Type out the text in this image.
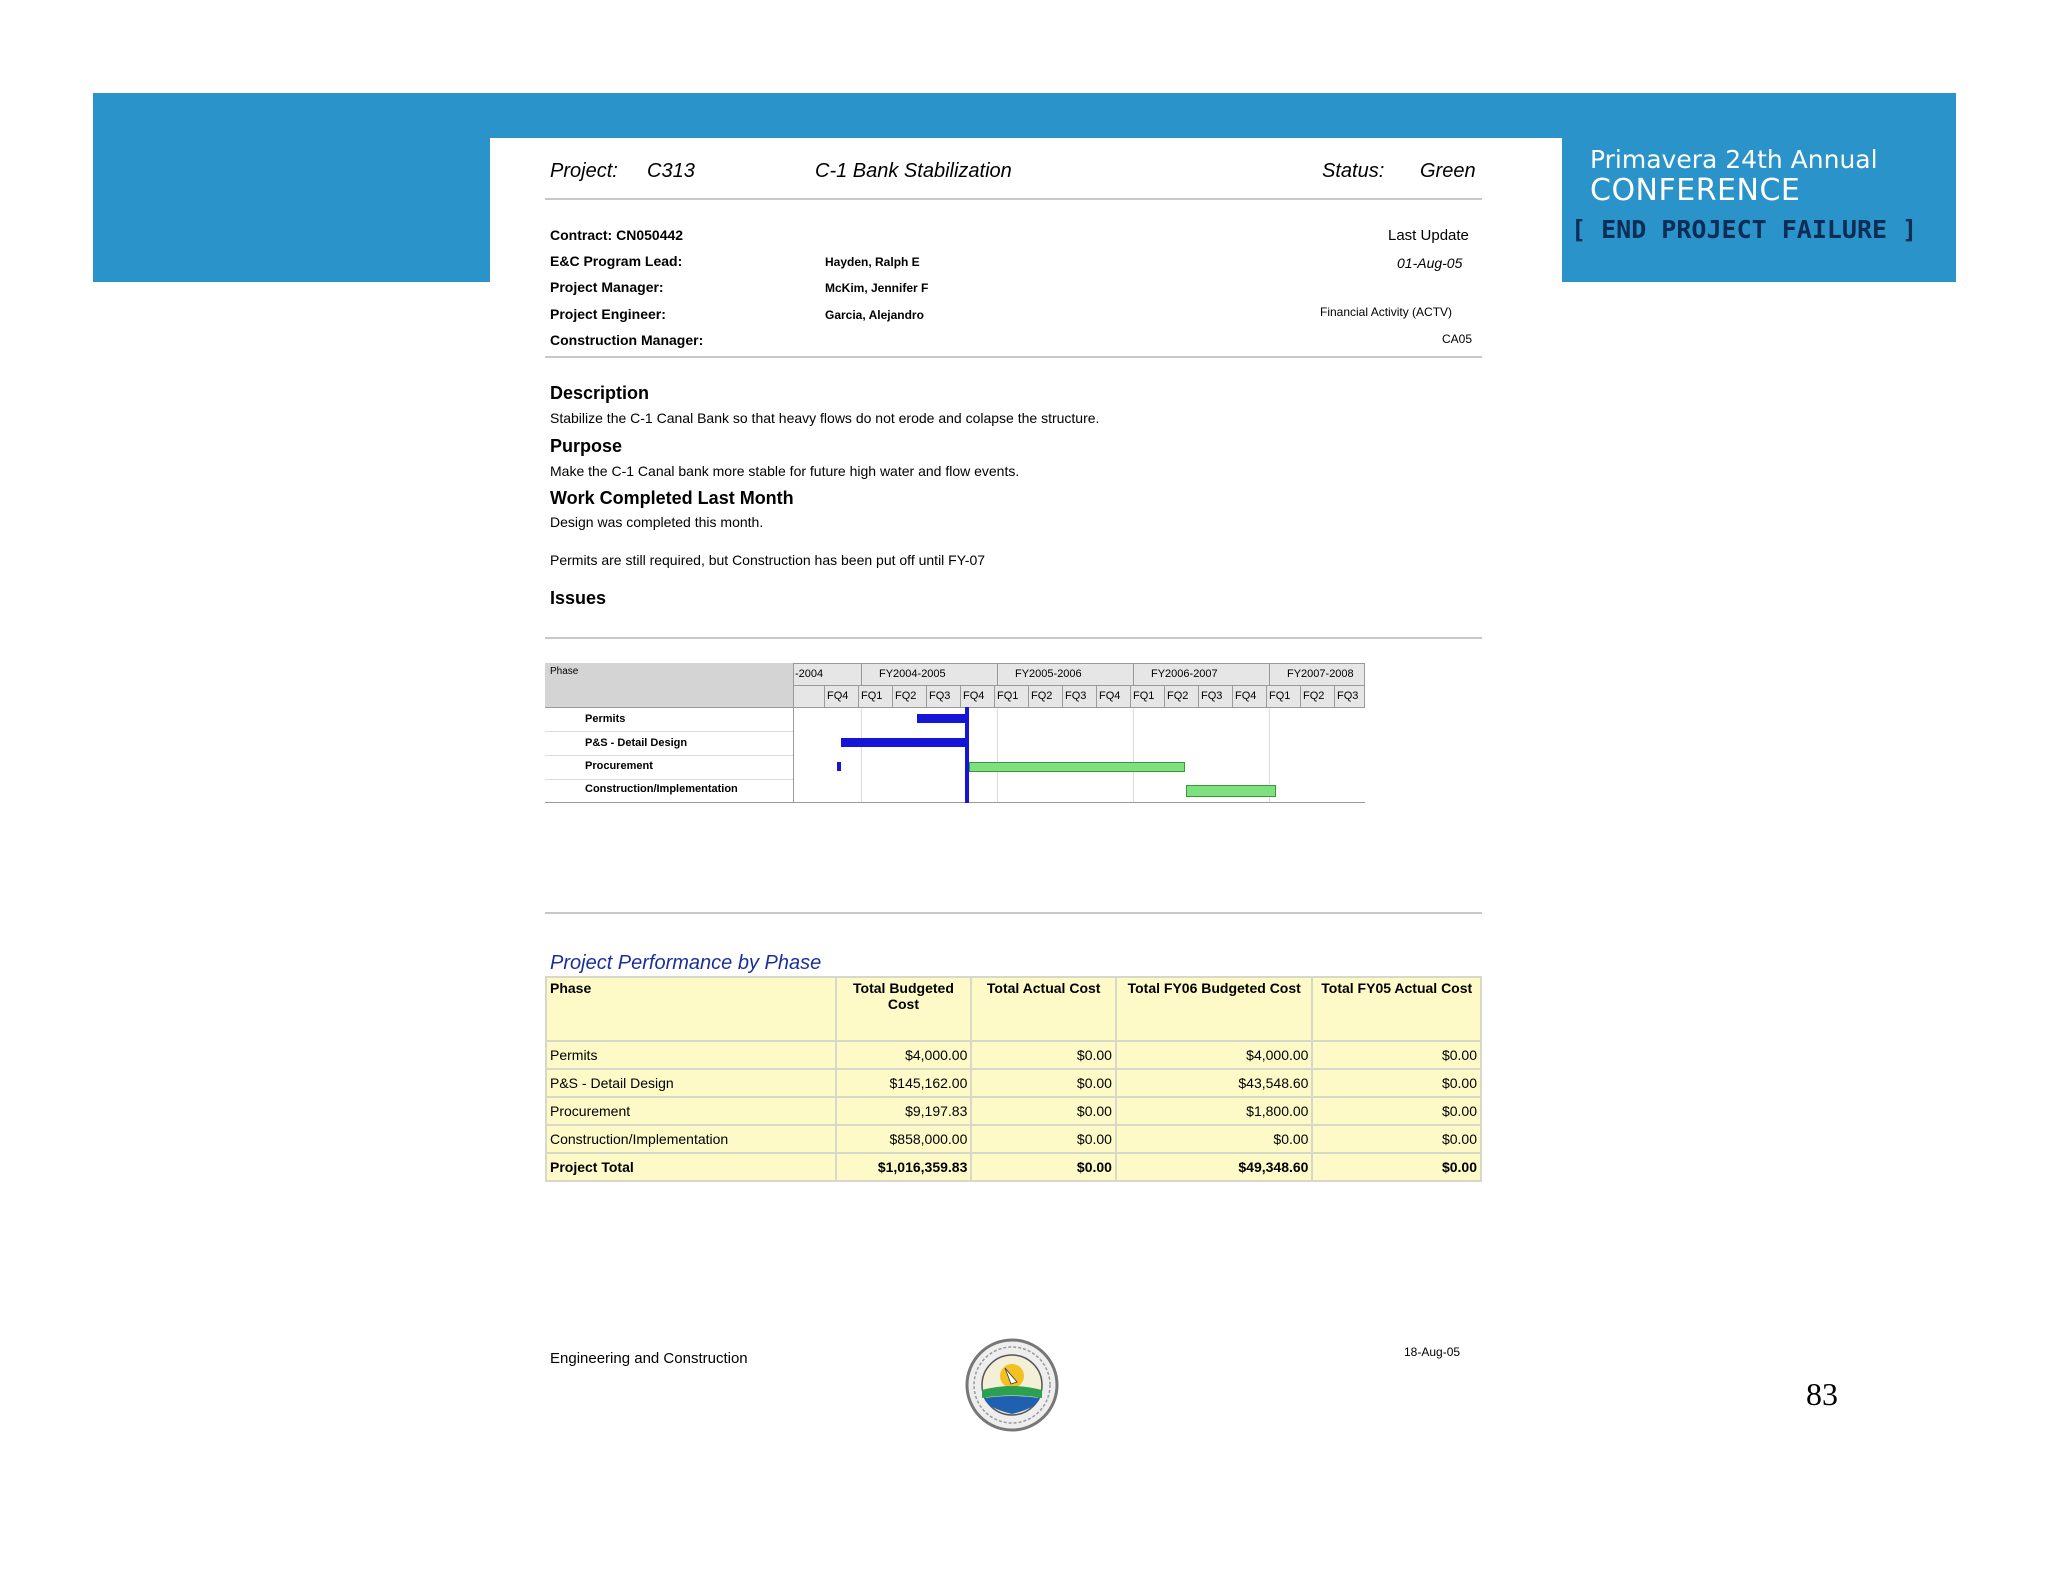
Primavera 24th Annual
CONFERENCE
[ END PROJECT FAILURE ]
Project: C313	C-1 Bank Stabilization	Status: Green
Contract: CN050442
E&C Program Lead:	Hayden, Ralph E
Project Manager:	McKim, Jennifer F
Project Engineer:	Garcia, Alejandro
Construction Manager:
Last Update
01-Aug-05
Financial Activity (ACTV)
CA05
Description
Stabilize the C-1 Canal Bank so that heavy flows do not erode and colapse the structure.
Purpose
Make the C-1 Canal bank more stable for future high water and flow events.
Work Completed Last Month
Design was completed this month.
Permits are still required, but Construction has been put off until FY-07
Issues
Phase	-2004	FY2004-2005	FY2005-2006	FY2006-2007	FY2007-2008
FQ4 FQ1 FQ2 FQ3 FQ4 FQ1 FQ2 FQ3 FQ4 FQ1 FQ2 FQ3 FQ4 FQ1 FQ2 FQ3
Permits
P&S - Detail Design
Procurement
Construction/Implementation
Project Performance by Phase
Phase	Total Budgeted Cost	Total Actual Cost	Total FY06 Budgeted Cost	Total FY05 Actual Cost
Permits	$4,000.00	$0.00	$4,000.00	$0.00
P&S - Detail Design	$145,162.00	$0.00	$43,548.60	$0.00
Procurement	$9,197.83	$0.00	$1,800.00	$0.00
Construction/Implementation	$858,000.00	$0.00	$0.00	$0.00
Project Total	$1,016,359.83	$0.00	$49,348.60	$0.00
Engineering and Construction	18-Aug-05
83
